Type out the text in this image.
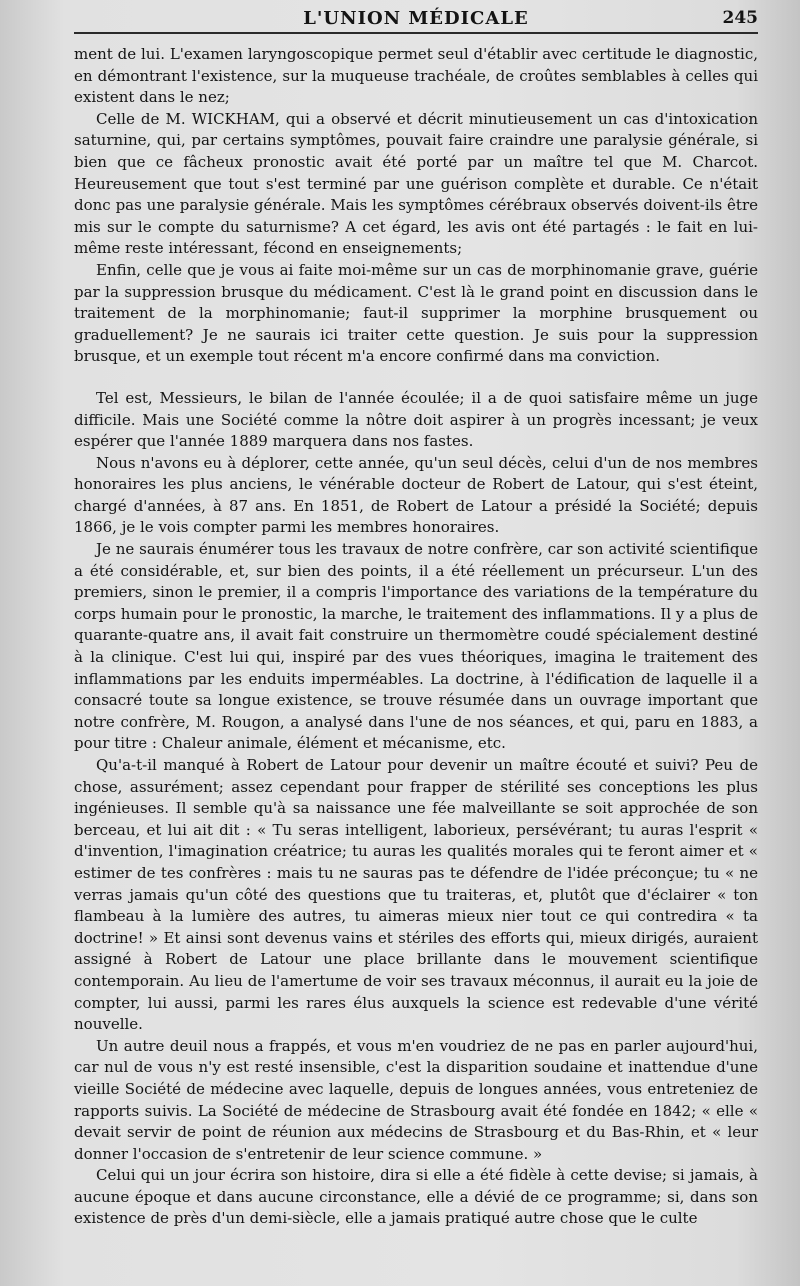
L'UNION MÉDICALE	245

ment de lui. L'examen laryngoscopique permet seul d'établir avec certitude le diagnostic, en démontrant l'existence, sur la muqueuse trachéale, de croûtes semblables à celles qui existent dans le nez;

Celle de M. WICKHAM, qui a observé et décrit minutieusement un cas d'intoxication saturnine, qui, par certains symptômes, pouvait faire craindre une paralysie générale, si bien que ce fâcheux pronostic avait été porté par un maître tel que M. Charcot. Heureusement que tout s'est terminé par une guérison complète et durable. Ce n'était donc pas une paralysie générale. Mais les symptômes cérébraux observés doivent-ils être mis sur le compte du saturnisme? A cet égard, les avis ont été partagés : le fait en lui-même reste intéressant, fécond en enseignements;

Enfin, celle que je vous ai faite moi-même sur un cas de morphinomanie grave, guérie par la suppression brusque du médicament. C'est là le grand point en discussion dans le traitement de la morphinomanie; faut-il supprimer la morphine brusquement ou graduellement? Je ne saurais ici traiter cette question. Je suis pour la suppression brusque, et un exemple tout récent m'a encore confirmé dans ma conviction.

Tel est, Messieurs, le bilan de l'année écoulée; il a de quoi satisfaire même un juge difficile. Mais une Société comme la nôtre doit aspirer à un progrès incessant; je veux espérer que l'année 1889 marquera dans nos fastes.

Nous n'avons eu à déplorer, cette année, qu'un seul décès, celui d'un de nos membres honoraires les plus anciens, le vénérable docteur de Robert de Latour, qui s'est éteint, chargé d'années, à 87 ans. En 1851, de Robert de Latour a présidé la Société; depuis 1866, je le vois compter parmi les membres honoraires.

Je ne saurais énumérer tous les travaux de notre confrère, car son activité scientifique a été considérable, et, sur bien des points, il a été réellement un précurseur. L'un des premiers, sinon le premier, il a compris l'importance des variations de la température du corps humain pour le pronostic, la marche, le traitement des inflammations. Il y a plus de quarante-quatre ans, il avait fait construire un thermomètre coudé spécialement destiné à la clinique. C'est lui qui, inspiré par des vues théoriques, imagina le traitement des inflammations par les enduits imperméables. La doctrine, à l'édification de laquelle il a consacré toute sa longue existence, se trouve résumée dans un ouvrage important que notre confrère, M. Rougon, a analysé dans l'une de nos séances, et qui, paru en 1883, a pour titre : Chaleur animale, élément et mécanisme, etc.

Qu'a-t-il manqué à Robert de Latour pour devenir un maître écouté et suivi? Peu de chose, assurément; assez cependant pour frapper de stérilité ses conceptions les plus ingénieuses. Il semble qu'à sa naissance une fée malveillante se soit approchée de son berceau, et lui ait dit : « Tu seras intelligent, laborieux, persévérant; tu auras l'esprit « d'invention, l'imagination créatrice; tu auras les qualités morales qui te feront aimer et « estimer de tes confrères : mais tu ne sauras pas te défendre de l'idée préconçue; tu « ne verras jamais qu'un côté des questions que tu traiteras, et, plutôt que d'éclairer « ton flambeau à la lumière des autres, tu aimeras mieux nier tout ce qui contredira « ta doctrine! » Et ainsi sont devenus vains et stériles des efforts qui, mieux dirigés, auraient assigné à Robert de Latour une place brillante dans le mouvement scientifique contemporain. Au lieu de l'amertume de voir ses travaux méconnus, il aurait eu la joie de compter, lui aussi, parmi les rares élus auxquels la science est redevable d'une vérité nouvelle.

Un autre deuil nous a frappés, et vous m'en voudriez de ne pas en parler aujourd'hui, car nul de vous n'y est resté insensible, c'est la disparition soudaine et inattendue d'une vieille Société de médecine avec laquelle, depuis de longues années, vous entreteniez de rapports suivis. La Société de médecine de Strasbourg avait été fondée en 1842; « elle « devait servir de point de réunion aux médecins de Strasbourg et du Bas-Rhin, et « leur donner l'occasion de s'entretenir de leur science commune. »

Celui qui un jour écrira son histoire, dira si elle a été fidèle à cette devise; si jamais, à aucune époque et dans aucune circonstance, elle a dévié de ce programme; si, dans son existence de près d'un demi-siècle, elle a jamais pratiqué autre chose que le culte
